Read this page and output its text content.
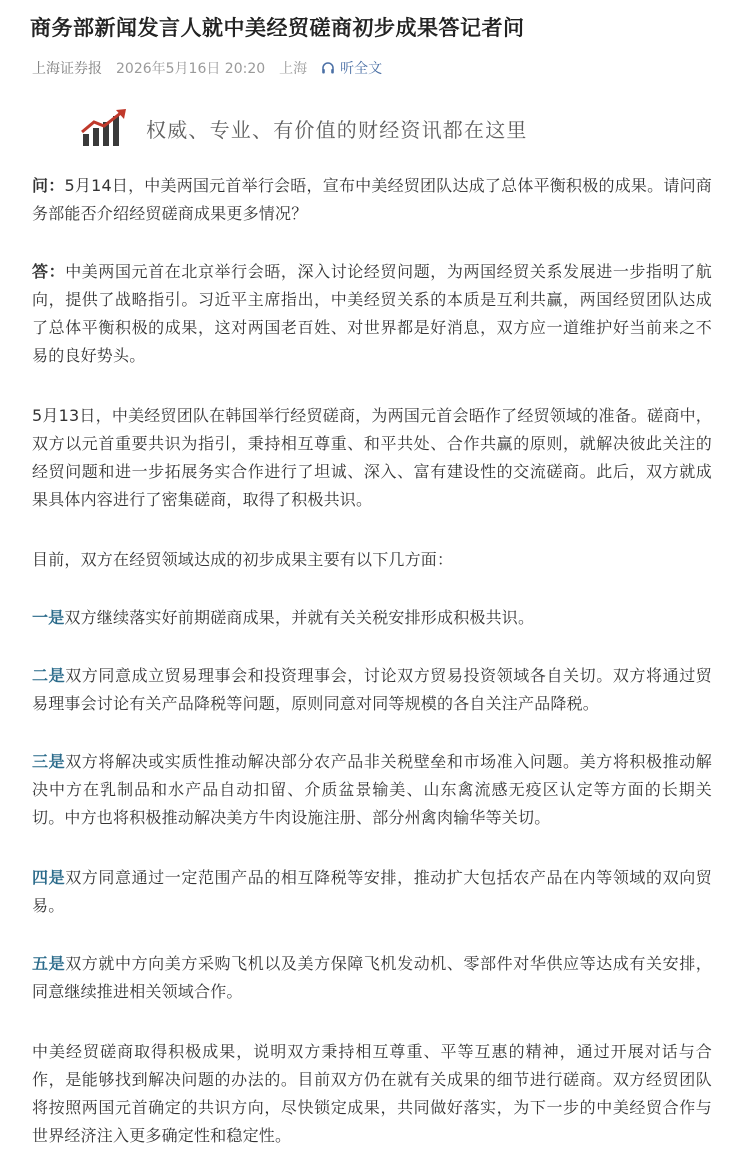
商务部新闻发言人就中美经贸磋商初步成果答记者问
上海证券报 2026年5月16日 20:20 上海 听全文
权威、专业、有价值的财经资讯都在这里

问：5月14日，中美两国元首举行会晤，宣布中美经贸团队达成了总体平衡积极的成果。请问商务部能否介绍经贸磋商成果更多情况？

答：中美两国元首在北京举行会晤，深入讨论经贸问题，为两国经贸关系发展进一步指明了航向，提供了战略指引。习近平主席指出，中美经贸关系的本质是互利共赢，两国经贸团队达成了总体平衡积极的成果，这对两国老百姓、对世界都是好消息，双方应一道维护好当前来之不易的良好势头。

5月13日，中美经贸团队在韩国举行经贸磋商，为两国元首会晤作了经贸领域的准备。磋商中，双方以元首重要共识为指引，秉持相互尊重、和平共处、合作共赢的原则，就解决彼此关注的经贸问题和进一步拓展务实合作进行了坦诚、深入、富有建设性的交流磋商。此后，双方就成果具体内容进行了密集磋商，取得了积极共识。

目前，双方在经贸领域达成的初步成果主要有以下几方面：

一是双方继续落实好前期磋商成果，并就有关关税安排形成积极共识。

二是双方同意成立贸易理事会和投资理事会，讨论双方贸易投资领域各自关切。双方将通过贸易理事会讨论有关产品降税等问题，原则同意对同等规模的各自关注产品降税。

三是双方将解决或实质性推动解决部分农产品非关税壁垒和市场准入问题。美方将积极推动解决中方在乳制品和水产品自动扣留、介质盆景输美、山东禽流感无疫区认定等方面的长期关切。中方也将积极推动解决美方牛肉设施注册、部分州禽肉输华等关切。

四是双方同意通过一定范围产品的相互降税等安排，推动扩大包括农产品在内等领域的双向贸易。

五是双方就中方向美方采购飞机以及美方保障飞机发动机、零部件对华供应等达成有关安排，同意继续推进相关领域合作。

中美经贸磋商取得积极成果，说明双方秉持相互尊重、平等互惠的精神，通过开展对话与合作，是能够找到解决问题的办法的。目前双方仍在就有关成果的细节进行磋商。双方经贸团队将按照两国元首确定的共识方向，尽快锁定成果，共同做好落实，为下一步的中美经贸合作与世界经济注入更多确定性和稳定性。
